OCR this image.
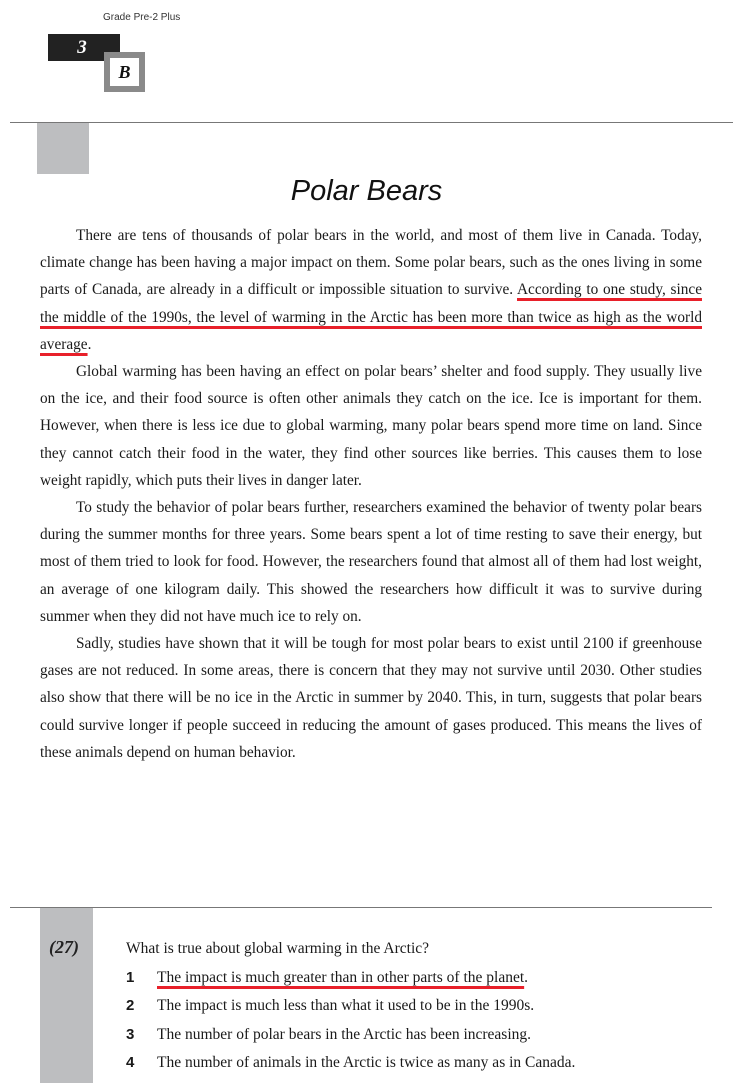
Grade Pre-2 Plus
3
B
Polar Bears

There are tens of thousands of polar bears in the world, and most of them live in Canada. Today, climate change has been having a major impact on them. Some polar bears, such as the ones living in some parts of Canada, are already in a difficult or impossible situation to survive. According to one study, since the middle of the 1990s, the level of warming in the Arctic has been more than twice as high as the world average.

Global warming has been having an effect on polar bears’ shelter and food supply. They usually live on the ice, and their food source is often other animals they catch on the ice. Ice is important for them. However, when there is less ice due to global warming, many polar bears spend more time on land. Since they cannot catch their food in the water, they find other sources like berries. This causes them to lose weight rapidly, which puts their lives in danger later.

To study the behavior of polar bears further, researchers examined the behavior of twenty polar bears during the summer months for three years. Some bears spent a lot of time resting to save their energy, but most of them tried to look for food. However, the researchers found that almost all of them had lost weight, an average of one kilogram daily. This showed the researchers how difficult it was to survive during summer when they did not have much ice to rely on.

Sadly, studies have shown that it will be tough for most polar bears to exist until 2100 if greenhouse gases are not reduced. In some areas, there is concern that they may not survive until 2030. Other studies also show that there will be no ice in the Arctic in summer by 2040. This, in turn, suggests that polar bears could survive longer if people succeed in reducing the amount of gases produced. This means the lives of these animals depend on human behavior.

(27)	What is true about global warming in the Arctic?
1 The impact is much greater than in other parts of the planet.
2 The impact is much less than what it used to be in the 1990s.
3 The number of polar bears in the Arctic has been increasing.
4 The number of animals in the Arctic is twice as many as in Canada.
